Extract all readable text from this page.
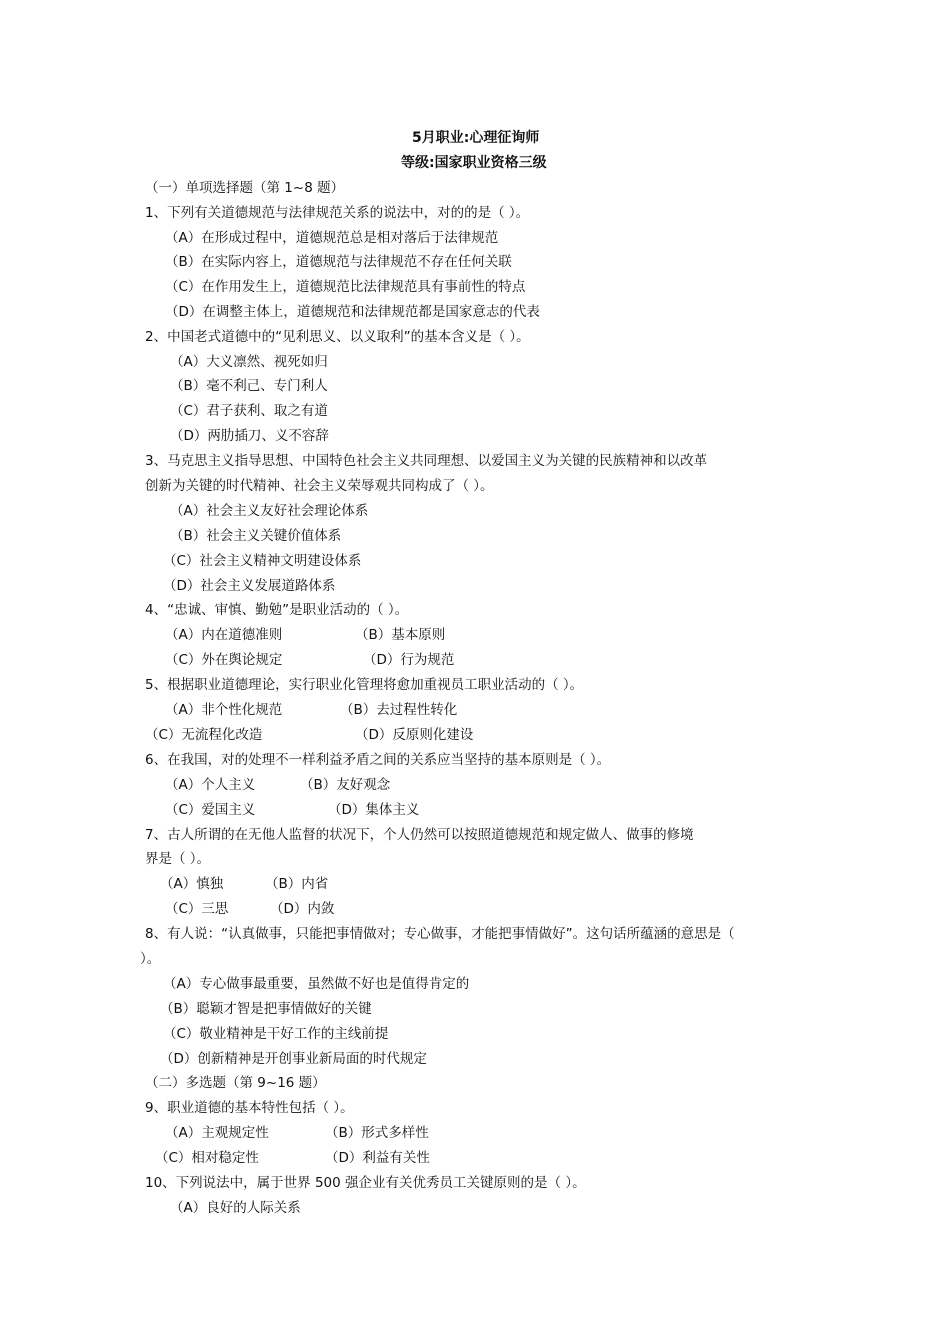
5月职业:心理征询师
等级:国家职业资格三级
（一）单项选择题（第 1~8 题）
1、下列有关道德规范与法律规范关系的说法中，对的的是（ ）。
（A）在形成过程中，道德规范总是相对落后于法律规范
（B）在实际内容上，道德规范与法律规范不存在任何关联
（C）在作用发生上，道德规范比法律规范具有事前性的特点
（D）在调整主体上，道德规范和法律规范都是国家意志的代表
2、中国老式道德中的“见利思义、以义取利”的基本含义是（ ）。
（A）大义凛然、视死如归
（B）毫不利己、专门利人
（C）君子获利、取之有道
（D）两肋插刀、义不容辞
3、马克思主义指导思想、中国特色社会主义共同理想、以爱国主义为关键的民族精神和以改革
创新为关键的时代精神、社会主义荣辱观共同构成了（ ）。
（A）社会主义友好社会理论体系
（B）社会主义关键价值体系
（C）社会主义精神文明建设体系
（D）社会主义发展道路体系
4、“忠诚、审慎、勤勉”是职业活动的（ ）。
（A）内在道德准则	（B）基本原则
（C）外在舆论规定	（D）行为规范
5、根据职业道德理论，实行职业化管理将愈加重视员工职业活动的（ ）。
（A）非个性化规范	（B）去过程性转化
（C）无流程化改造	（D）反原则化建设
6、在我国，对的处理不一样利益矛盾之间的关系应当坚持的基本原则是（ ）。
（A）个人主义	（B）友好观念
（C）爱国主义	（D）集体主义
7、古人所谓的在无他人监督的状况下，个人仍然可以按照道德规范和规定做人、做事的修境
界是（ ）。
（A）慎独	（B）内省
（C）三思	（D）内敛
8、有人说：“认真做事，只能把事情做对；专心做事，才能把事情做好”。这句话所蕴涵的意思是（
）。
（A）专心做事最重要，虽然做不好也是值得肯定的
（B）聪颖才智是把事情做好的关键
（C）敬业精神是干好工作的主线前提
（D）创新精神是开创事业新局面的时代规定
（二）多选题（第 9~16 题）
9、职业道德的基本特性包括（ ）。
（A）主观规定性	（B）形式多样性
（C）相对稳定性	（D）利益有关性
10、下列说法中，属于世界 500 强企业有关优秀员工关键原则的是（ ）。
（A）良好的人际关系
